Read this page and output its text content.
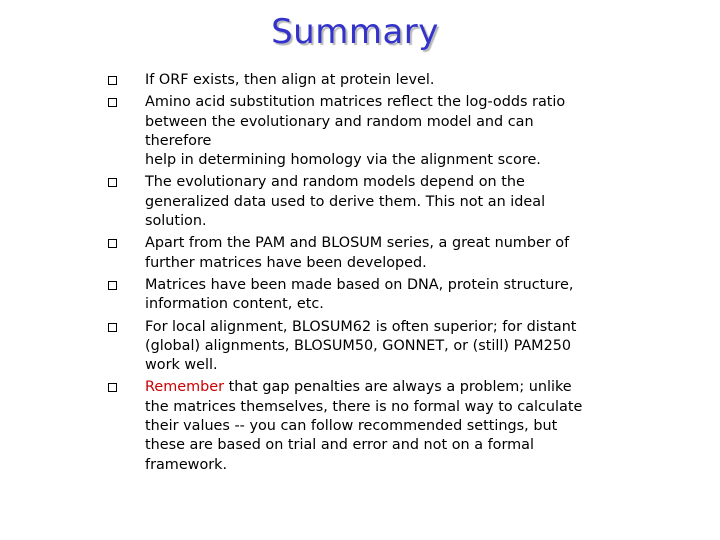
Summary
If ORF exists, then align at protein level.
Amino acid substitution matrices reflect the log-odds ratio between the evolutionary and random model and can therefore
help in determining homology via the alignment score.
The evolutionary and random models depend on the generalized data used to derive them. This not an ideal solution.
Apart from the PAM and BLOSUM series, a great number of further matrices have been developed.
Matrices have been made based on DNA, protein structure, information content, etc.
For local alignment, BLOSUM62 is often superior; for distant (global) alignments, BLOSUM50, GONNET, or (still) PAM250 work well.
Remember that gap penalties are always a problem; unlike the matrices themselves, there is no formal way to calculate their values -- you can follow recommended settings, but these are based on trial and error and not on a formal framework.
